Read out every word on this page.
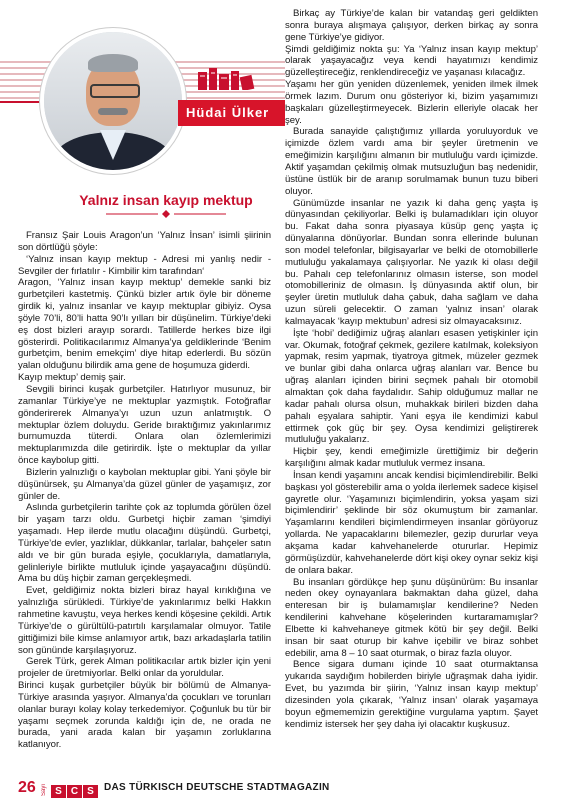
Hüdai Ülker
Yalnız insan kayıp mektup

Fransız Şair Louis Aragon’un ‘Yalnız İnsan’ isimli şiirinin son dörtlüğü şöyle:

‘Yalnız insan kayıp mektup - Adresi mi yanlış nedir - Sevgiler der fırlatılır - Kimbilir kim tarafından‘

Aragon, ‘Yalnız insan kayıp mektup’ demekle sanki biz gurbetçileri kastetmiş. Çünkü bizler artık öyle bir döneme girdik ki, yalnız insanlar ve kayıp mektuplar gibiyiz. Oysa şöyle 70’li, 80’li hatta 90’lı yılları bir düşünelim. Türkiye’deki eş dost bizleri arayıp sorardı. Tatillerde herkes bize ilgi gösterirdi. Politikacılarımız Almanya’ya geldiklerinde ‘Benim gurbetçim, benim emekçim’ diye hitap ederlerdi. Bu sözün yalan olduğunu bilirdik ama gene de hoşumuza giderdi.

Kayıp mektup’ demiş şair.

Sevgili birinci kuşak gurbetçiler. Hatırlıyor musunuz, bir zamanlar Türkiye’ye ne mektuplar yazmıştık. Fotoğraflar gönderirerek Almanya’yı uzun uzun anlatmıştık. O mektuplar özlem doluydu. Geride bıraktığımız yakınlarımız burnumuzda tüterdi. Onlara olan özlemlerimizi mektuplarımızda dile getirirdik. İşte o mektuplar da yıllar önce kaybolup gitti.

Bizlerin yalnızlığı o kaybolan mektuplar gibi. Yani şöyle bir düşünürsek, şu Almanya’da güzel günler de yaşamışız, zor günler de.

Aslında gurbetçilerin tarihte çok az toplumda görülen özel bir yaşam tarzı oldu. Gurbetçi hiçbir zaman ‘şimdiyi yaşamadı. Hep ilerde mutlu olacağını düşündü. Gurbetçi, Türkiye’de evler, yazlıklar, dükkanlar, tarlalar, bahçeler satın aldı ve bir gün burada eşiyle, çocuklarıyla, damatlarıyla, gelinleriyle birlikte mutluluk içinde yaşayacağını düşündü. Ama bu düş hiçbir zaman gerçekleşmedi.

Evet, geldiğimiz nokta bizleri biraz hayal kırıklığına ve yalnızlığa sürükledi. Türkiye’de yakınlarımız belki Hakkın rahmetine kavuştu, veya herkes kendi köşesine çekildi. Artık Türkiye’de o gürültülü-patırtılı karşılamalar olmuyor. Tatile gittiğimizi bile kimse anlamıyor artık, bazı arkadaşlarla tatilin son gününde karşılaşıyoruz.

Gerek Türk, gerek Alman politikacılar artık bizler için yeni projeler de üretmiyorlar. Belki onlar da yoruldular.

Birinci kuşak gurbetçiler büyük bir bölümü de Almanya-Türkiye arasında yaşıyor. Almanya’da çocukları ve torunları olanlar burayı kolay kolay terkedemiyor. Çoğunluk bu tür bir yaşamı seçmek zorunda kaldığı için de, ne orada ne burada, yani arada kalan bir yaşamın zorluklarına katlanıyor.

Birkaç ay Türkiye’de kalan bir vatandaş geri geldikten sonra buraya alışmaya çalışıyor, derken birkaç ay sonra gene Türkiye’ye gidiyor.

Şimdi geldiğimiz nokta şu: Ya ‘Yalnız insan kayıp mektup’ olarak yaşayacağız veya kendi hayatımızı kendimiz güzelleştireceğiz, renklendireceğiz ve yaşanası kılacağız.

Yaşamı her gün yeniden düzenlemek, yeniden ilmek ilmek örmek lazım. Durum onu gösteriyor ki, bizim yaşamımızı başkaları güzelleştirmeyecek. Bizlerin elleriyle olacak her şey.

Burada sanayide çalıştığımız yıllarda yoruluyorduk ve içimizde özlem vardı ama bir şeyler üretmenin ve emeğimizin karşılığını almanın bir mutluluğu vardı içimizde. Aktif yaşamdan çekilmiş olmak mutsuzluğun baş nedenidir, üstüne üstlük bir de aranıp sorulmamak bunun tuzu biberi oluyor.

Günümüzde insanlar ne yazık ki daha genç yaşta iş dünyasından çekiliyorlar. Belki iş bulamadıkları için oluyor bu. Fakat daha sonra piyasaya küsüp genç yaşta iç dünyalarına dönüyorlar. Bundan sonra ellerinde bulunan son model telefonlar, bilgisayarlar ve belki de otomobillerle mutluluğu yakalamaya çalışıyorlar. Ne yazık ki olası değil bu. Pahalı cep telefonlarınız olmasın isterse, son model otomobilleriniz de olmasın. İş dünyasında aktif olun, bir şeyler üretin mutluluk daha çabuk, daha sağlam ve daha uzun süreli gelecektir. O zaman ‘yalnız insan’ olarak kalmayacak ‘kayıp mektubun’ adresi siz olmayacaksınız.

İşte ‘hobi’ dediğimiz uğraş alanları esasen yetişkinler için var. Okumak, fotoğraf çekmek, gezilere katılmak, koleksiyon yapmak, resim yapmak, tiyatroya gitmek, müzeler gezmek ve bunlar gibi daha onlarca uğraş alanları var. Bence bu uğraş alanları içinden birini seçmek pahalı bir otomobil almaktan çok daha faydalıdır. Sahip olduğumuz mallar ne kadar pahalı olursa olsun, muhakkak birileri bizden daha pahalı eşyalara sahiptir. Yani eşya ile kendimizi kabul ettirmek çok güç bir şey. Oysa kendimizi geliştirerek mutluluğu yakalarız.

Hiçbir şey, kendi emeğimizle ürettiğimiz bir değerin karşılığını almak kadar mutluluk vermez insana.

İnsan kendi yaşamını ancak kendisi biçimlendirebilir. Belki başkası yol gösterebilir ama o yolda ilerlemek sadece kişisel gayretle olur. ‘Yaşamınızı biçimlendirin, yoksa yaşam sizi biçimlendirir’ şeklinde bir söz okumuştum bir zamanlar. Yaşamlarını kendileri biçimlendirmeyen insanlar görüyoruz yollarda. Ne yapacaklarını bilemezler, gezip dururlar veya akşama kadar kahvehanelerde otururlar. Hepimiz görmüşüzdür, kahvehanelerde dört kişi okey oynar sekiz kişi de onlara bakar.

Bu insanları gördükçe hep şunu düşünürüm: Bu insanlar neden okey oynayanlara bakmaktan daha güzel, daha enteresan bir iş bulamamışlar kendilerine? Neden kendilerini kahvehane köşelerinden kurtaramamışlar? Elbette ki kahvehaneye gitmek kötü bir şey değil. Belki insan bir saat oturup bir kahve içebilir ve biraz sohbet edebilir, ama 8 – 10 saat oturmak, o biraz fazla oluyor.

Bence sigara dumanı içinde 10 saat oturmaktansa yukarıda saydığım hobilerden biriyle uğraşmak daha iyidir. Evet, bu yazımda bir şiirin, ‘Yalnız insan kayıp mektup’ dizesinden yola çıkarak, ‘Yalnız insan’ olarak yaşamaya boyun eğmememizin gerektiğine vurgulama yaptım. Şayet kendimiz istersek her şey daha iyi olacaktır kuşkusuz.

26 Sayı S C S	DAS TÜRKISCH DEUTSCHE STADTMAGAZIN
